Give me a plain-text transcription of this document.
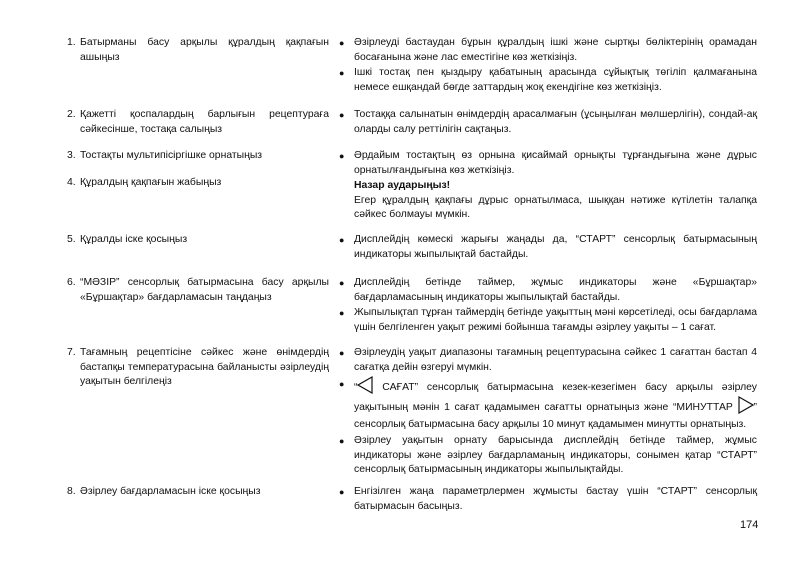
1. Батырманы басу арқылы құралдың қақпағын ашыңыз
2. Қажетті қоспалардың барлығын рецептураға сәйкесінше, тостақа салыңыз
3. Тостақты мультипісіргішке орнатыңыз
4. Құралдың қақпағын жабыңыз
5. Құралды іске қосыңыз
6. “МӘЗІР” сенсорлық батырмасына басу арқылы «Бұршақтар» бағдарламасын таңдаңыз
7. Тағамның рецептісіне сәйкес және өнімдердің бастапқы температурасына байланысты әзірлеудің уақытын белгілеңіз
8. Әзірлеу бағдарламасын іске қосыңыз
● Әзірлеуді бастаудан бұрын құралдың ішкі және сыртқы бөліктерінің орамадан босағанына және лас еместігіне көз жеткізіңіз.
● Ішкі тостақ пен қыздыру қабатының арасында сұйықтық төгіліп қалмағанына немесе ешқандай бөгде заттардың жоқ екендігіне көз жеткізіңіз.
● Тостаққа салынатын өнімдердің арасалмағын (ұсыңылған мөлшерлігін), сондай-ақ оларды салу реттілігін сақтаңыз.
● Әрдайым тостақтың өз орнына қисаймай орнықты тұрғандығына және дұрыс орнатылғандығына көз жеткізіңіз.
Назар аударыңыз!
Егер құралдың қақпағы дұрыс орнатылмаса, шыққан нәтиже күтілетін талапқа сәйкес болмауы мүмкін.
● Дисплейдің көмескі жарығы жаңады да, “СТАРТ” сенсорлық батырмасының индикаторы жыпылықтай бастайды.
● Дисплейдің бетінде таймер, жұмыс индикаторы және «Бұршақтар» бағдарламасының индикаторы жыпылықтай бастайды.
● Жыпылықтап тұрған таймердің бетінде уақыттың мәні көрсетіледі, осы бағдарлама үшін белгіленген уақыт режимі бойынша тағамды әзірлеу уақыты – 1 сағат.
● Әзірлеудің уақыт диапазоны тағамның рецептурасына сәйкес 1 сағаттан бастап 4 сағатқа дейін өзгеруі мүмкін.
● “ САҒАТ” сенсорлық батырмасына кезек-кезегімен басу арқылы әзірлеу уақытының мәнін 1 сағат қадамымен сағатты орнатыңыз және “МИНУТТАР ” сенсорлық батырмасына басу арқылы 10 минут қадамымен минутты орнатыңыз.
● Әзірлеу уақытын орнату барысында дисплейдің бетінде таймер, жұмыс индикаторы және әзірлеу бағдарламаның индикаторы, сонымен қатар “СТАРТ” сенсорлық батырмасының индикаторы жыпылықтайды.
● Енгізілген жаңа параметрлермен жұмысты бастау үшін “СТАРТ” сенсорлық батырмасын басыңыз.
174
